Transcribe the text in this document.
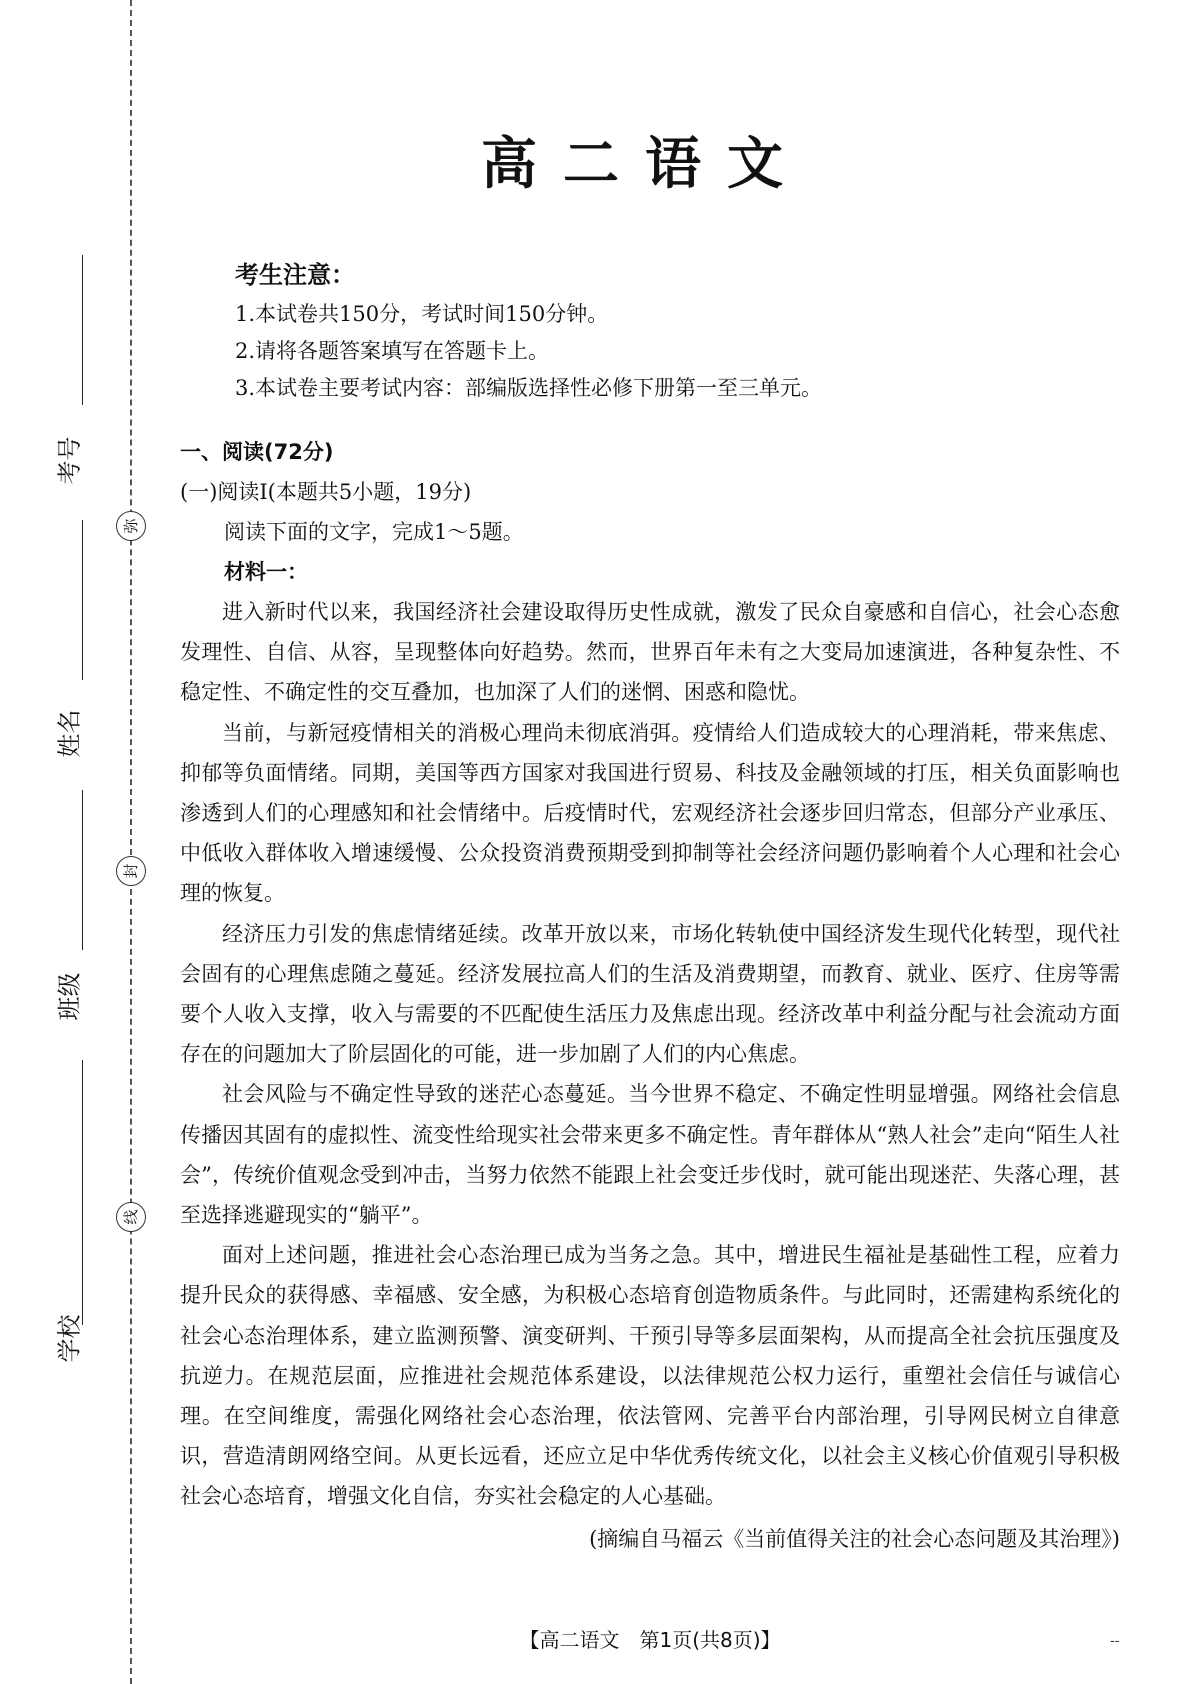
考号
姓名
班级
学校
弥
封
线
高二语文
考生注意：
1.本试卷共150分，考试时间150分钟。
2.请将各题答案填写在答题卡上。
3.本试卷主要考试内容：部编版选择性必修下册第一至三单元。
一、阅读(72分)
(一)阅读Ⅰ(本题共5小题，19分)
阅读下面的文字，完成1～5题。
材料一：

进入新时代以来，我国经济社会建设取得历史性成就，激发了民众自豪感和自信心，社会心态愈发理性、自信、从容，呈现整体向好趋势。然而，世界百年未有之大变局加速演进，各种复杂性、不稳定性、不确定性的交互叠加，也加深了人们的迷惘、困惑和隐忧。

当前，与新冠疫情相关的消极心理尚未彻底消弭。疫情给人们造成较大的心理消耗，带来焦虑、抑郁等负面情绪。同期，美国等西方国家对我国进行贸易、科技及金融领域的打压，相关负面影响也渗透到人们的心理感知和社会情绪中。后疫情时代，宏观经济社会逐步回归常态，但部分产业承压、中低收入群体收入增速缓慢、公众投资消费预期受到抑制等社会经济问题仍影响着个人心理和社会心理的恢复。

经济压力引发的焦虑情绪延续。改革开放以来，市场化转轨使中国经济发生现代化转型，现代社会固有的心理焦虑随之蔓延。经济发展拉高人们的生活及消费期望，而教育、就业、医疗、住房等需要个人收入支撑，收入与需要的不匹配使生活压力及焦虑出现。经济改革中利益分配与社会流动方面存在的问题加大了阶层固化的可能，进一步加剧了人们的内心焦虑。

社会风险与不确定性导致的迷茫心态蔓延。当今世界不稳定、不确定性明显增强。网络社会信息传播因其固有的虚拟性、流变性给现实社会带来更多不确定性。青年群体从“熟人社会”走向“陌生人社会”，传统价值观念受到冲击，当努力依然不能跟上社会变迁步伐时，就可能出现迷茫、失落心理，甚至选择逃避现实的“躺平”。

面对上述问题，推进社会心态治理已成为当务之急。其中，增进民生福祉是基础性工程，应着力提升民众的获得感、幸福感、安全感，为积极心态培育创造物质条件。与此同时，还需建构系统化的社会心态治理体系，建立监测预警、演变研判、干预引导等多层面架构，从而提高全社会抗压强度及抗逆力。在规范层面，应推进社会规范体系建设，以法律规范公权力运行，重塑社会信任与诚信心理。在空间维度，需强化网络社会心态治理，依法管网、完善平台内部治理，引导网民树立自律意识，营造清朗网络空间。从更长远看，还应立足中华优秀传统文化，以社会主义核心价值观引导积极社会心态培育，增强文化自信，夯实社会稳定的人心基础。

(摘编自马福云《当前值得关注的社会心态问题及其治理》)
【高二语文　第1页(共8页)】	--
